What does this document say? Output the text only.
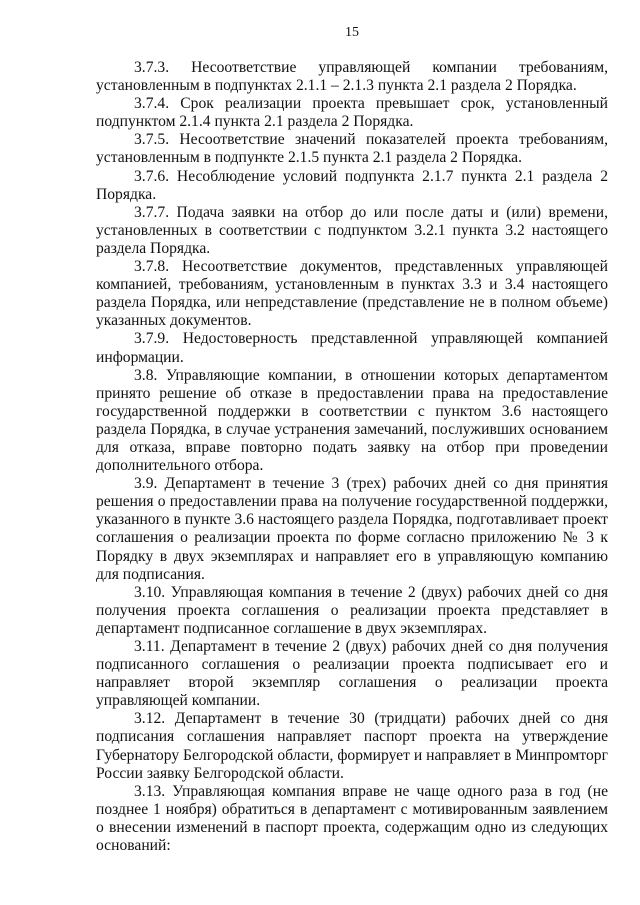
15

3.7.3. Несоответствие управляющей компании требованиям, установленным в подпунктах 2.1.1 – 2.1.3 пункта 2.1 раздела 2 Порядка.

3.7.4. Срок реализации проекта превышает срок, установленный подпунктом 2.1.4 пункта 2.1 раздела 2 Порядка.

3.7.5. Несоответствие значений показателей проекта требованиям, установленным в подпункте 2.1.5 пункта 2.1 раздела 2 Порядка.

3.7.6. Несоблюдение условий подпункта 2.1.7 пункта 2.1 раздела 2 Порядка.

3.7.7. Подача заявки на отбор до или после даты и (или) времени, установленных в соответствии с подпунктом 3.2.1 пункта 3.2 настоящего раздела Порядка.

3.7.8. Несоответствие документов, представленных управляющей компанией, требованиям, установленным в пунктах 3.3 и 3.4 настоящего раздела Порядка, или непредставление (представление не в полном объеме) указанных документов.

3.7.9. Недостоверность представленной управляющей компанией информации.

3.8. Управляющие компании, в отношении которых департаментом принято решение об отказе в предоставлении права на предоставление государственной поддержки в соответствии с пунктом 3.6 настоящего раздела Порядка, в случае устранения замечаний, послуживших основанием для отказа, вправе повторно подать заявку на отбор при проведении дополнительного отбора.

3.9. Департамент в течение 3 (трех) рабочих дней со дня принятия решения о предоставлении права на получение государственной поддержки, указанного в пункте 3.6 настоящего раздела Порядка, подготавливает проект соглашения о реализации проекта по форме согласно приложению № 3 к Порядку в двух экземплярах и направляет его в управляющую компанию для подписания.

3.10. Управляющая компания в течение 2 (двух) рабочих дней со дня получения проекта соглашения о реализации проекта представляет в департамент подписанное соглашение в двух экземплярах.

3.11. Департамент в течение 2 (двух) рабочих дней со дня получения подписанного соглашения о реализации проекта подписывает его и направляет второй экземпляр соглашения о реализации проекта управляющей компании.

3.12. Департамент в течение 30 (тридцати) рабочих дней со дня подписания соглашения направляет паспорт проекта на утверждение Губернатору Белгородской области, формирует и направляет в Минпромторг России заявку Белгородской области.

3.13. Управляющая компания вправе не чаще одного раза в год (не позднее 1 ноября) обратиться в департамент с мотивированным заявлением о внесении изменений в паспорт проекта, содержащим одно из следующих оснований:
